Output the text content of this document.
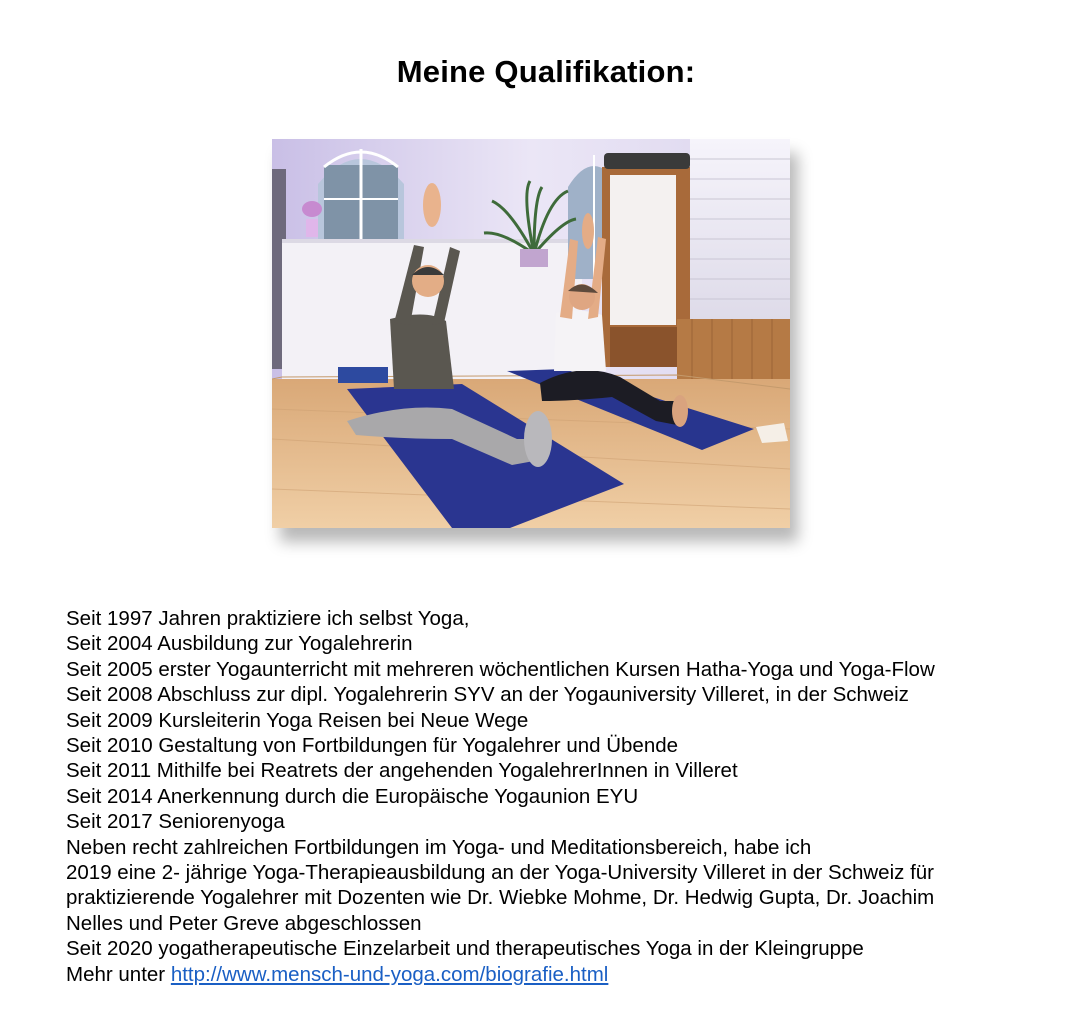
Meine Qualifikation:
Seit 1997 Jahren praktiziere ich selbst Yoga,
Seit 2004 Ausbildung zur Yogalehrerin
Seit 2005 erster Yogaunterricht mit mehreren wöchentlichen Kursen Hatha-Yoga und Yoga-Flow
Seit 2008 Abschluss zur dipl. Yogalehrerin SYV an der Yogauniversity Villeret, in der Schweiz
Seit 2009 Kursleiterin Yoga Reisen bei Neue Wege
Seit 2010 Gestaltung von Fortbildungen für Yogalehrer und Übende
Seit 2011 Mithilfe bei Reatrets der angehenden YogalehrerInnen in Villeret
Seit 2014 Anerkennung durch die Europäische Yogaunion EYU
Seit 2017 Seniorenyoga
Neben recht zahlreichen Fortbildungen im Yoga- und Meditationsbereich, habe ich
2019 eine 2- jährige Yoga-Therapieausbildung an der Yoga-University Villeret in der Schweiz für
praktizierende Yogalehrer mit Dozenten wie Dr. Wiebke Mohme, Dr. Hedwig Gupta, Dr. Joachim
Nelles und Peter Greve abgeschlossen
Seit 2020 yogatherapeutische Einzelarbeit und therapeutisches Yoga in der Kleingruppe
Mehr unter http://www.mensch-und-yoga.com/biografie.html
